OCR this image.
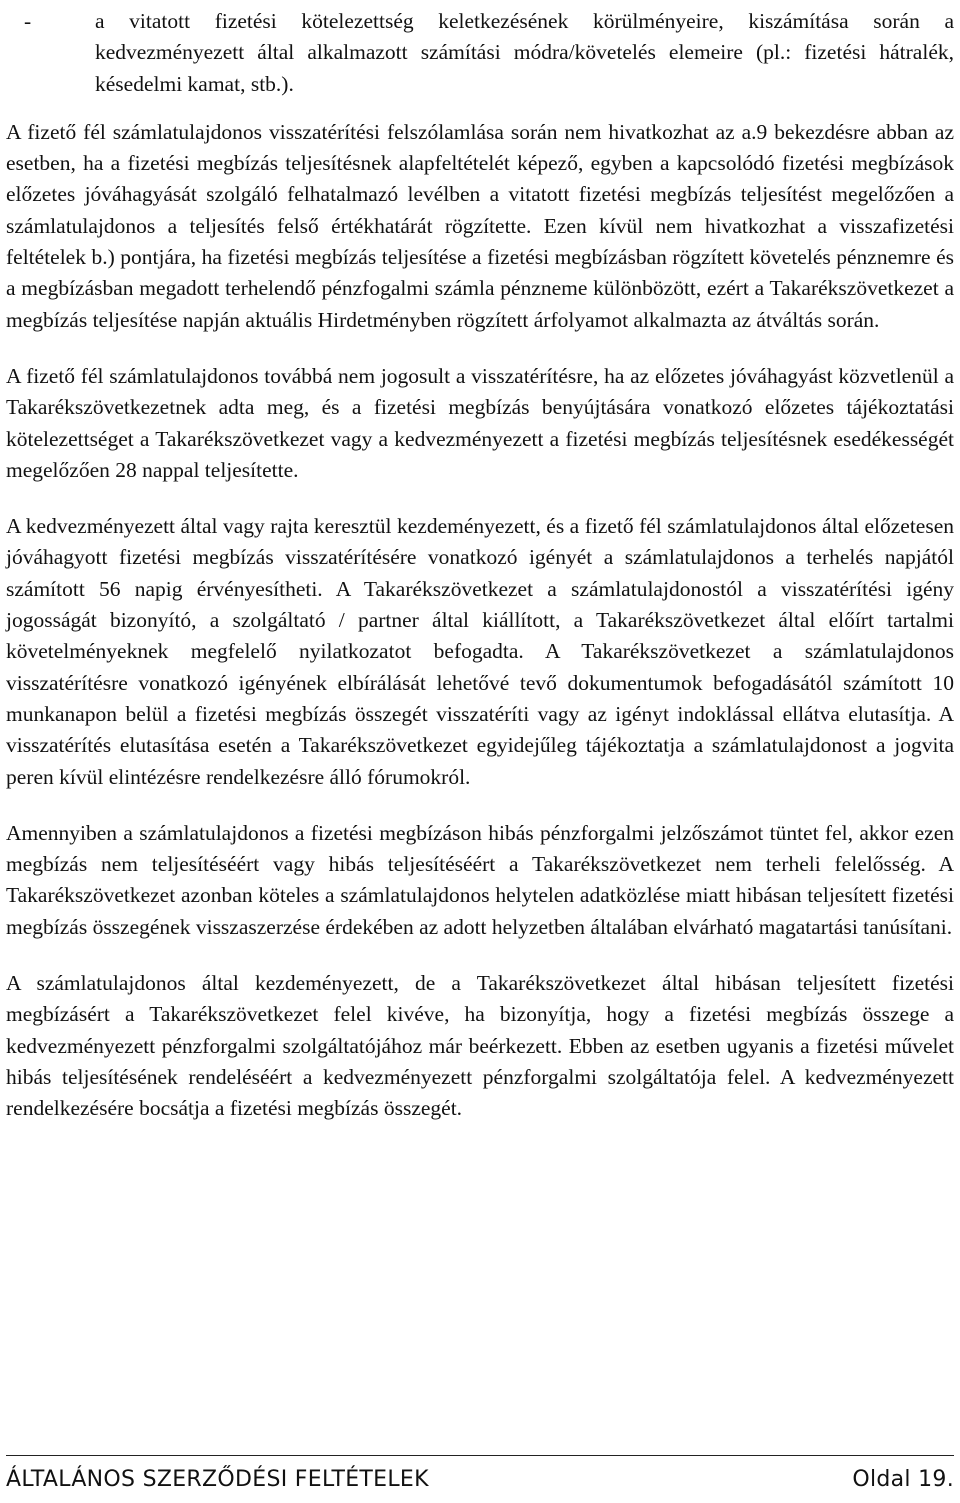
-	a vitatott fizetési kötelezettség keletkezésének körülményeire, kiszámítása során a kedvezményezett által alkalmazott számítási módra/követelés elemeire (pl.: fizetési hátralék, késedelmi kamat, stb.).

A fizető fél számlatulajdonos visszatérítési felszólamlása során nem hivatkozhat az a.9 bekezdésre abban az esetben, ha a fizetési megbízás teljesítésnek alapfeltételét képező, egyben a kapcsolódó fizetési megbízások előzetes jóváhagyását szolgáló felhatalmazó levélben a vitatott fizetési megbízás teljesítést megelőzően a számlatulajdonos a teljesítés felső értékhatárát rögzítette. Ezen kívül nem hivatkozhat a visszafizetési feltételek b.) pontjára, ha fizetési megbízás teljesítése a fizetési megbízásban rögzített követelés pénznemre és a megbízásban megadott terhelendő pénzfogalmi számla pénzneme különbözött, ezért a Takarékszövetkezet a megbízás teljesítése napján aktuális Hirdetményben rögzített árfolyamot alkalmazta az átváltás során.

A fizető fél számlatulajdonos továbbá nem jogosult a visszatérítésre, ha az előzetes jóváhagyást közvetlenül a Takarékszövetkezetnek adta meg, és a fizetési megbízás benyújtására vonatkozó előzetes tájékoztatási kötelezettséget a Takarékszövetkezet vagy a kedvezményezett a fizetési megbízás teljesítésnek esedékességét megelőzően 28 nappal teljesítette.

A kedvezményezett által vagy rajta keresztül kezdeményezett, és a fizető fél számlatulajdonos által előzetesen jóváhagyott fizetési megbízás visszatérítésére vonatkozó igényét a számlatulajdonos a terhelés napjától számított 56 napig érvényesítheti. A Takarékszövetkezet a számlatulajdonostól a visszatérítési igény jogosságát bizonyító, a szolgáltató / partner által kiállított, a Takarékszövetkezet által előírt tartalmi követelményeknek megfelelő nyilatkozatot befogadta. A Takarékszövetkezet a számlatulajdonos visszatérítésre vonatkozó igényének elbírálását lehetővé tevő dokumentumok befogadásától számított 10 munkanapon belül a fizetési megbízás összegét visszatéríti vagy az igényt indoklással ellátva elutasítja. A visszatérítés elutasítása esetén a Takarékszövetkezet egyidejűleg tájékoztatja a számlatulajdonost a jogvita peren kívül elintézésre rendelkezésre álló fórumokról.

Amennyiben a számlatulajdonos a fizetési megbízáson hibás pénzforgalmi jelzőszámot tüntet fel, akkor ezen megbízás nem teljesítéséért vagy hibás teljesítéséért a Takarékszövetkezet nem terheli felelősség. A Takarékszövetkezet azonban köteles a számlatulajdonos helytelen adatközlése miatt hibásan teljesített fizetési megbízás összegének visszaszerzése érdekében az adott helyzetben általában elvárható magatartási tanúsítani.

A számlatulajdonos által kezdeményezett, de a Takarékszövetkezet által hibásan teljesített fizetési megbízásért a Takarékszövetkezet felel kivéve, ha bizonyítja, hogy a fizetési megbízás összege a kedvezményezett pénzforgalmi szolgáltatójához már beérkezett. Ebben az esetben ugyanis a fizetési művelet hibás teljesítésének rendeléséért a kedvezményezett pénzforgalmi szolgáltatója felel. A kedvezményezett rendelkezésére bocsátja a fizetési megbízás összegét.

ÁLTALÁNOS SZERZŐDÉSI FELTÉTELEK	Oldal 19.
